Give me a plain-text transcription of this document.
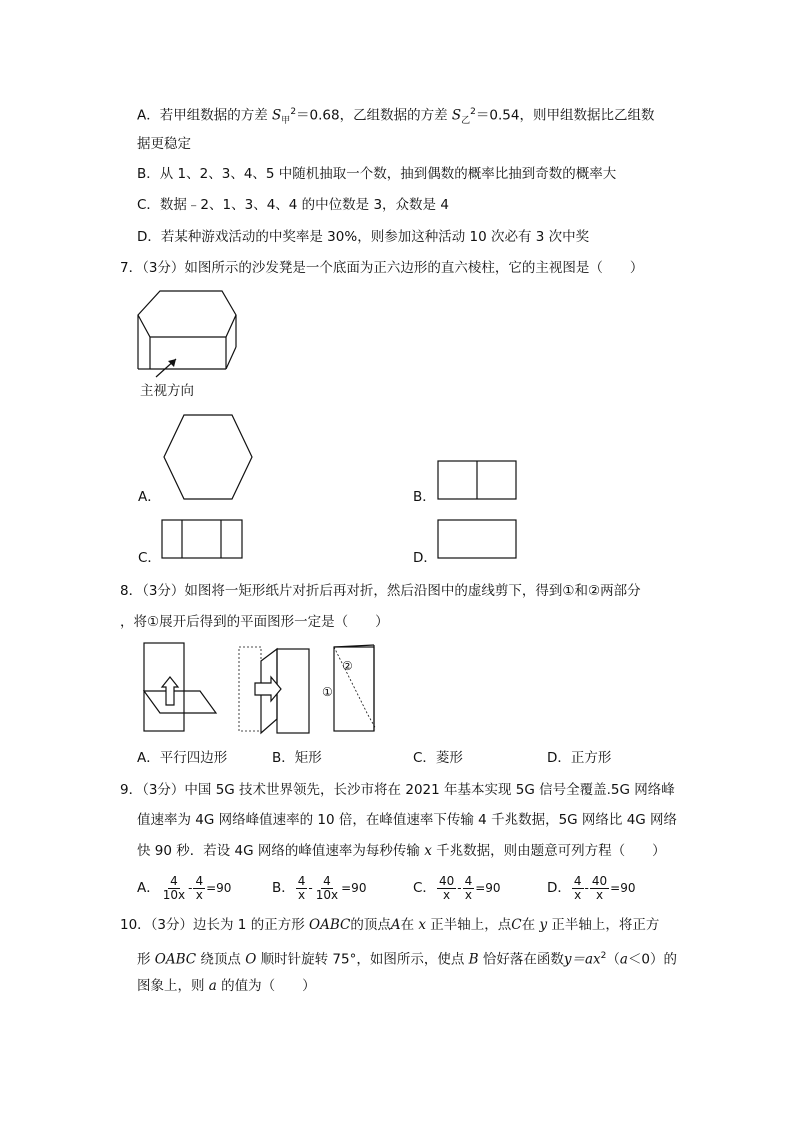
A．若甲组数据的方差 $S_甲^2=0.68$，乙组数据的方差 $S_乙^2=0.54$，则甲组数据比乙组数
据更稳定
B．从 1、2、3、4、5 中随机抽取一个数，抽到偶数的概率比抽到奇数的概率大
C．数据﹣2、1、3、4、4 的中位数是 3，众数是 4
D．若某种游戏活动的中奖率是 30%，则参加这种活动 10 次必有 3 次中奖
7．（3分）如图所示的沙发凳是一个底面为正六边形的直六棱柱，它的主视图是（　　）
主视方向
A．	B．
C．	D．
8．（3分）如图将一矩形纸片对折后再对折，然后沿图中的虚线剪下，得到①和②两部分
，将①展开后得到的平面图形一定是（　　）
②
①
A．平行四边形	B．矩形	C．菱形	D．正方形
9．（3分）中国 5G 技术世界领先，长沙市将在 2021 年基本实现 5G 信号全覆盖.5G 网络峰
值速率为 4G 网络峰值速率的 10 倍，在峰值速率下传输 4 千兆数据，5G 网络比 4G 网络
快 90 秒．若设 4G 网络的峰值速率为每秒传输 x 千兆数据，则由题意可列方程（　　）
A． $\frac{4}{10x} - \frac{4}{x} =90$	B． $\frac{4}{x} - \frac{4}{10x} =90$	C． $\frac{40}{x} - \frac{4}{x} =90$	D． $\frac{4}{x} - \frac{40}{x} =90$
10．（3分）边长为 1 的正方形 OABC的顶点A在 x 正半轴上，点C在 y 正半轴上，将正方
形 OABC 绕顶点 O 顺时针旋转 75°，如图所示，使点 B 恰好落在函数$y=ax^2(a<0)$的
图象上，则 a 的值为（　　）
